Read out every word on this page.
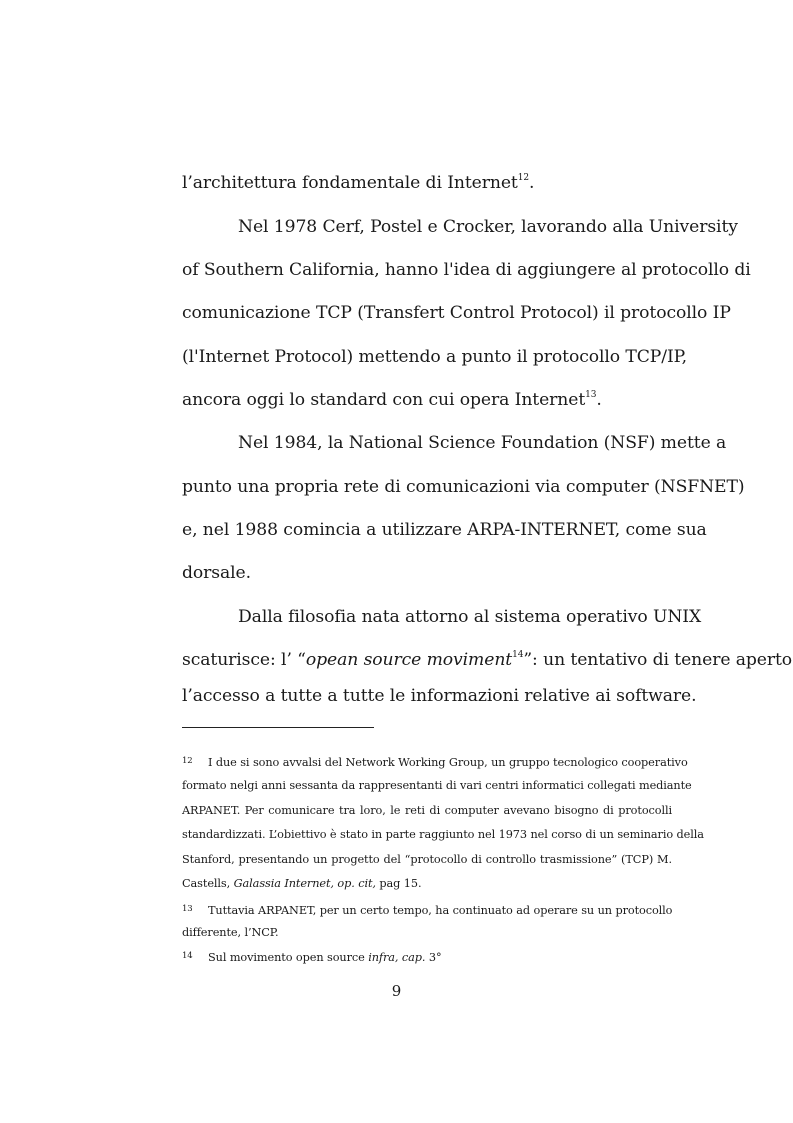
l’architettura fondamentale di Internet$^{12}$.
Nel 1978 Cerf, Postel e Crocker, lavorando alla University
of Southern California, hanno l'idea di aggiungere al protocollo di
comunicazione TCP (Transfert Control Protocol) il protocollo IP
(l'Internet Protocol) mettendo a punto il protocollo TCP/IP,
ancora oggi lo standard con cui opera Internet$^{13}$.
Nel 1984, la National Science Foundation (NSF) mette a
punto una propria rete di comunicazioni via computer (NSFNET)
e, nel 1988 comincia a utilizzare ARPA-INTERNET, come sua
dorsale.
Dalla filosofia nata attorno al sistema operativo UNIX
scaturisce: l’ “opean source moviment$^{14}$”: un tentativo di tenere aperto
l’accesso a tutte a tutte le informazioni relative ai software.
12 I due si sono avvalsi del Network Working Group, un gruppo tecnologico cooperativo
formato nelgi anni sessanta da rappresentanti di vari centri informatici collegati mediante
ARPANET. Per comunicare tra loro, le reti di computer avevano bisogno di protocolli
standardizzati. L’obiettivo è stato in parte raggiunto nel 1973 nel corso di un seminario della
Stanford, presentando un progetto del “protocollo di controllo trasmissione” (TCP) M.
Castells, Galassia Internet, op. cit, pag 15.
13 Tuttavia ARPANET, per un certo tempo, ha continuato ad operare su un protocollo
differente, l’NCP.
14 Sul movimento open source infra, cap. 3°
9
